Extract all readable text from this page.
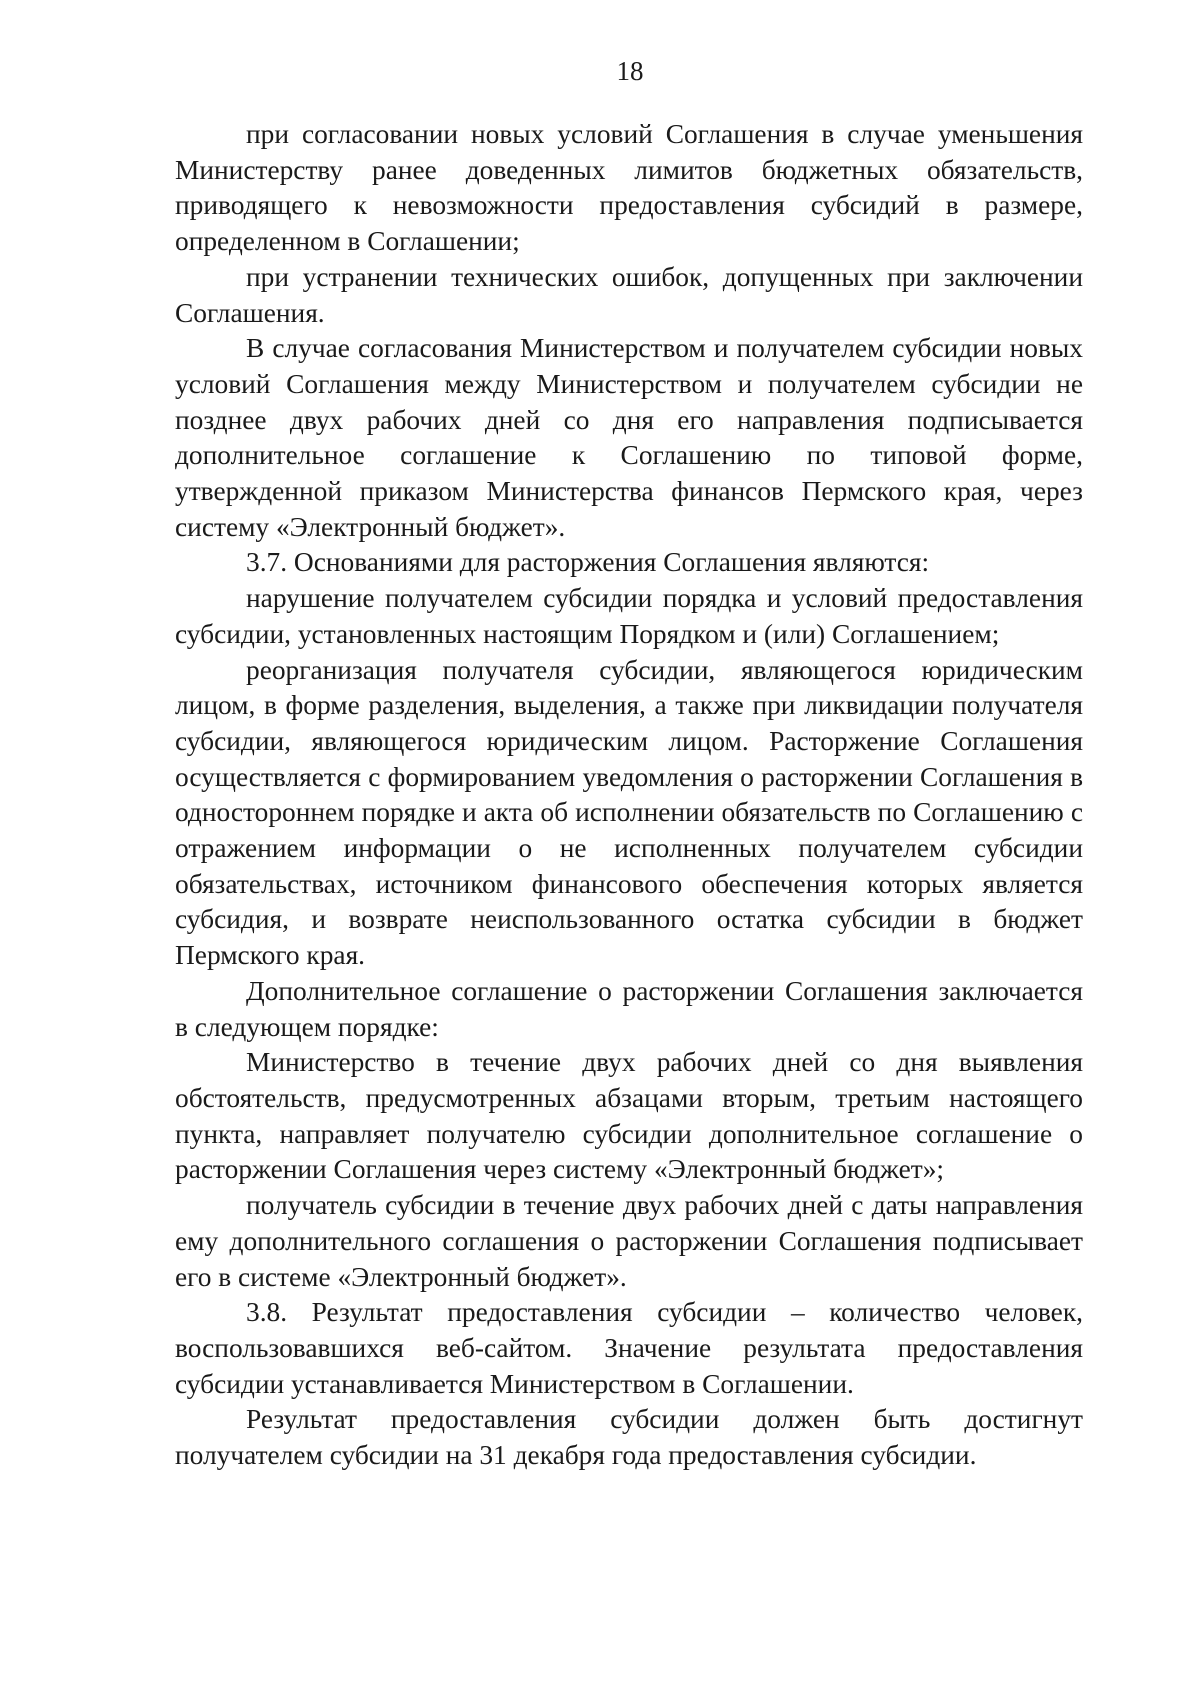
18

при согласовании новых условий Соглашения в случае уменьшения Министерству ранее доведенных лимитов бюджетных обязательств, приводящего к невозможности предоставления субсидий в размере, определенном в Соглашении;

при устранении технических ошибок, допущенных при заключении Соглашения.

В случае согласования Министерством и получателем субсидии новых условий Соглашения между Министерством и получателем субсидии не позднее двух рабочих дней со дня его направления подписывается дополнительное соглашение к Соглашению по типовой форме, утвержденной приказом Министерства финансов Пермского края, через систему «Электронный бюджет».

3.7. Основаниями для расторжения Соглашения являются:

нарушение получателем субсидии порядка и условий предоставления субсидии, установленных настоящим Порядком и (или) Соглашением;

реорганизация получателя субсидии, являющегося юридическим лицом, в форме разделения, выделения, а также при ликвидации получателя субсидии, являющегося юридическим лицом. Расторжение Соглашения осуществляется с формированием уведомления о расторжении Соглашения в одностороннем порядке и акта об исполнении обязательств по Соглашению с отражением информации о не исполненных получателем субсидии обязательствах, источником финансового обеспечения которых является субсидия, и возврате неиспользованного остатка субсидии в бюджет Пермского края.

Дополнительное соглашение о расторжении Соглашения заключается в следующем порядке:

Министерство в течение двух рабочих дней со дня выявления обстоятельств, предусмотренных абзацами вторым, третьим настоящего пункта, направляет получателю субсидии дополнительное соглашение о расторжении Соглашения через систему «Электронный бюджет»;

получатель субсидии в течение двух рабочих дней с даты направления ему дополнительного соглашения о расторжении Соглашения подписывает его в системе «Электронный бюджет».

3.8. Результат предоставления субсидии – количество человек, воспользовавшихся веб-сайтом. Значение результата предоставления субсидии устанавливается Министерством в Соглашении.

Результат предоставления субсидии должен быть достигнут получателем субсидии на 31 декабря года предоставления субсидии.
